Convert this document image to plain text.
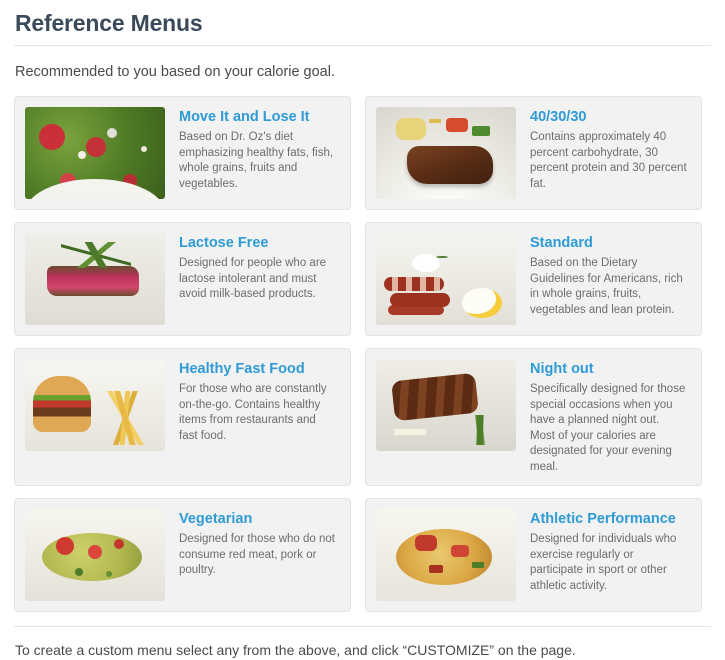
Reference Menus

Recommended to you based on your calorie goal.

Move It and Lose It
Based on Dr. Oz's diet emphasizing healthy fats, fish, whole grains, fruits and vegetables.
40/30/30
Contains approximately 40 percent carbohydrate, 30 percent protein and 30 percent fat.
Lactose Free
Designed for people who are lactose intolerant and must avoid milk-based products.
Standard
Based on the Dietary Guidelines for Americans, rich in whole grains, fruits, vegetables and lean protein.
Healthy Fast Food
For those who are constantly on-the-go. Contains healthy items from restaurants and fast food.
Night out
Specifically designed for those special occasions when you have a planned night out. Most of your calories are designated for your evening meal.
Vegetarian
Designed for those who do not consume red meat, pork or poultry.
Athletic Performance
Designed for individuals who exercise regularly or participate in sport or other athletic activity.

To create a custom menu select any from the above, and click “CUSTOMIZE” on the page.
